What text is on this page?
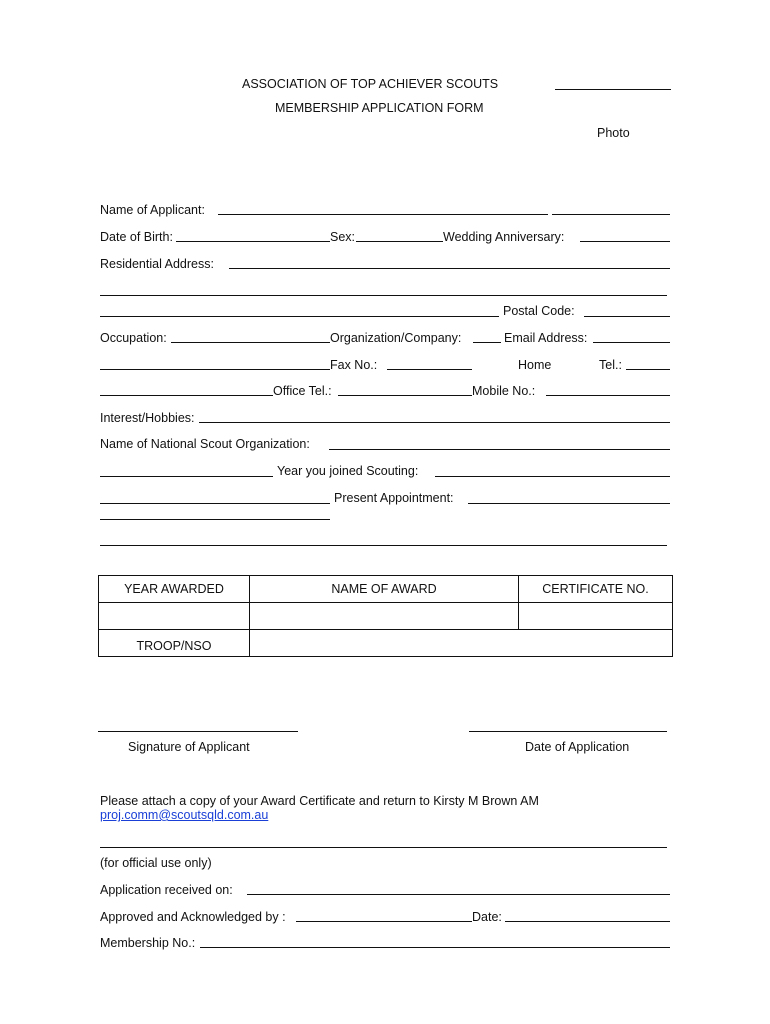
ASSOCIATION OF TOP ACHIEVER SCOUTS
MEMBERSHIP APPLICATION FORM
Photo
Name of Applicant:
Date of Birth:	Sex:	Wedding Anniversary:
Residential Address:
Postal Code:
Occupation:	Organization/Company:	Email Address:
Fax No.:	Home	Tel.:
Office Tel.:	Mobile No.:
Interest/Hobbies:
Name of National Scout Organization:
Year you joined Scouting:
Present Appointment:
YEAR AWARDED	NAME OF AWARD	CERTIFICATE NO.

TROOP/NSO		
Signature of Applicant	Date of Application
Please attach a copy of your Award Certificate and return to Kirsty M Brown AM
proj.comm@scoutsqld.com.au
(for official use only)
Application received on:
Approved and Acknowledged by :	Date:
Membership No.:
